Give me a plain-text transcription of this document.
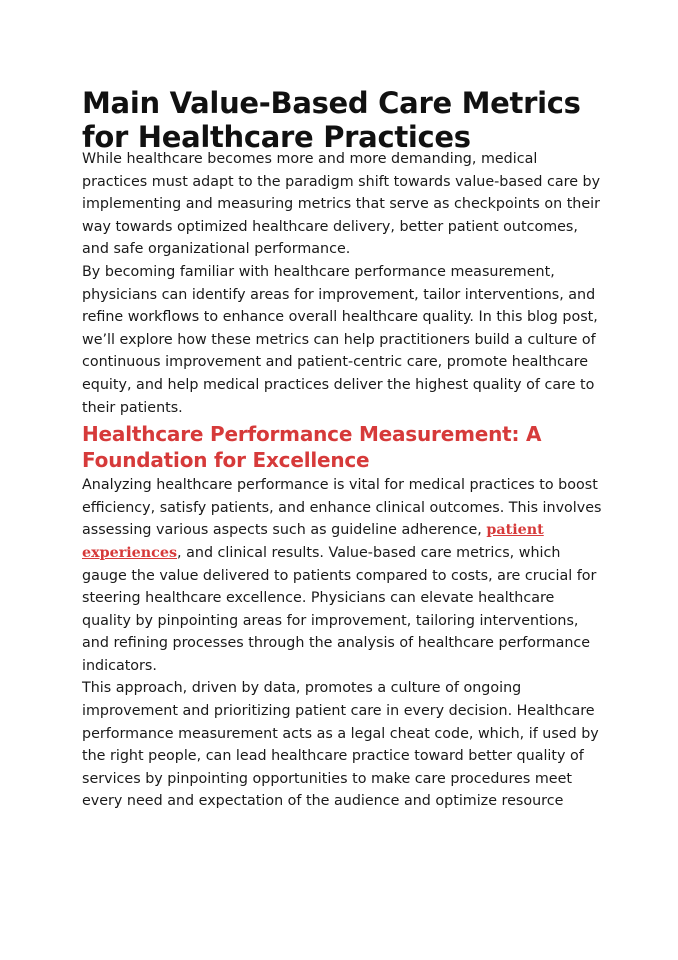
Main Value-Based Care Metrics for Healthcare Practices

While healthcare becomes more and more demanding, medical practices must adapt to the paradigm shift towards value-based care by implementing and measuring metrics that serve as checkpoints on their way towards optimized healthcare delivery, better patient outcomes, and safe organizational performance.

By becoming familiar with healthcare performance measurement, physicians can identify areas for improvement, tailor interventions, and refine workflows to enhance overall healthcare quality. In this blog post, we’ll explore how these metrics can help practitioners build a culture of continuous improvement and patient-centric care, promote healthcare equity, and help medical practices deliver the highest quality of care to their patients.

Healthcare Performance Measurement: A Foundation for Excellence

Analyzing healthcare performance is vital for medical practices to boost efficiency, satisfy patients, and enhance clinical outcomes. This involves assessing various aspects such as guideline adherence, patient experiences, and clinical results. Value-based care metrics, which gauge the value delivered to patients compared to costs, are crucial for steering healthcare excellence. Physicians can elevate healthcare quality by pinpointing areas for improvement, tailoring interventions, and refining processes through the analysis of healthcare performance
indicators.

This approach, driven by data, promotes a culture of ongoing improvement and prioritizing patient care in every decision. Healthcare performance measurement acts as a legal cheat code, which, if used by the right people, can lead healthcare practice toward better quality of services by pinpointing opportunities to make care procedures meet every need and expectation of the audience and optimize resource
